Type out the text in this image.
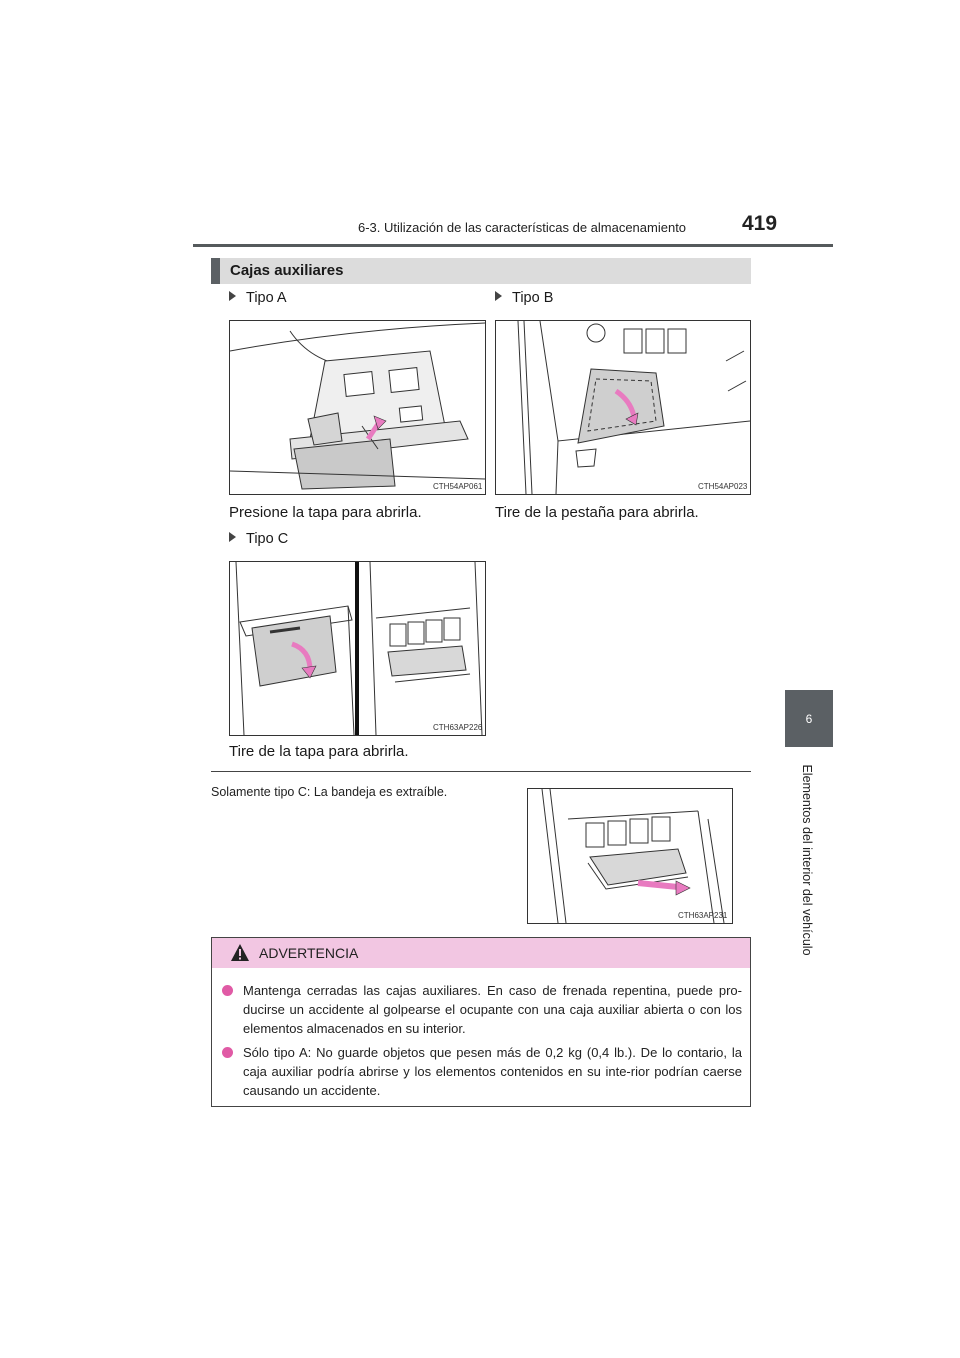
6-3. Utilización de las características de almacenamiento	419
6
Elementos del interior del vehículo
Cajas auxiliares
Tipo A
CTH54AP061
Presione la tapa para abrirla.
Tipo B
CTH54AP023
Tire de la pestaña para abrirla.
Tipo C
CTH63AP226
Tire de la tapa para abrirla.
Solamente tipo C: La bandeja es extraíble.
CTH63AP231
ADVERTENCIA
Mantenga cerradas las cajas auxiliares. En caso de frenada repentina, puede pro-ducirse un accidente al golpearse el ocupante con una caja auxiliar abierta o con los elementos almacenados en su interior.
Sólo tipo A: No guarde objetos que pesen más de 0,2 kg (0,4 lb.). De lo contario, la caja auxiliar podría abrirse y los elementos contenidos en su inte-rior podrían caerse causando un accidente.
